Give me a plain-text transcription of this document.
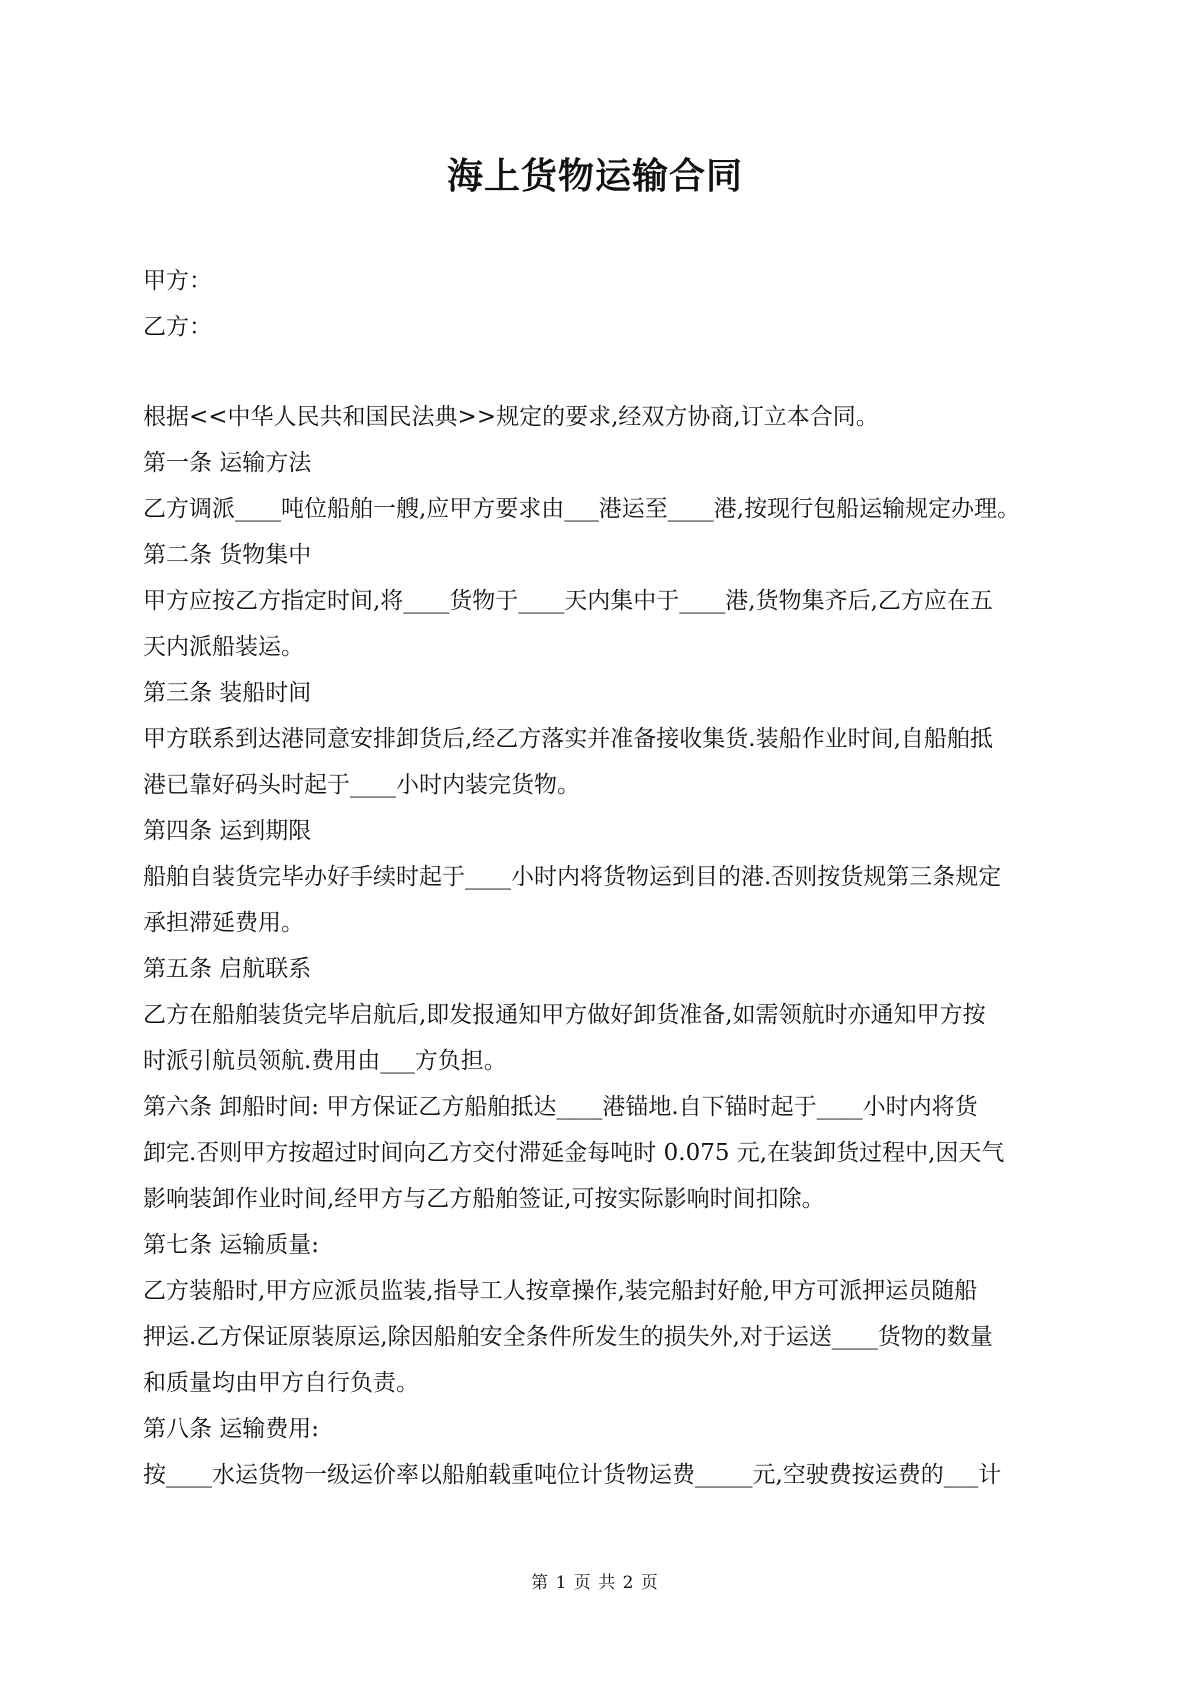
海上货物运输合同
甲方：
乙方：
根据<<中华人民共和国民法典>>规定的要求,经双方协商,订立本合同。
第一条 运输方法
乙方调派____吨位船舶一艘,应甲方要求由___港运至____港,按现行包船运输规定办理。
第二条 货物集中
甲方应按乙方指定时间,将____货物于____天内集中于____港,货物集齐后,乙方应在五
天内派船装运。
第三条 装船时间
甲方联系到达港同意安排卸货后,经乙方落实并准备接收集货.装船作业时间,自船舶抵
港已靠好码头时起于____小时内装完货物。
第四条 运到期限
船舶自装货完毕办好手续时起于____小时内将货物运到目的港.否则按货规第三条规定
承担滞延费用。
第五条 启航联系
乙方在船舶装货完毕启航后,即发报通知甲方做好卸货准备,如需领航时亦通知甲方按
时派引航员领航.费用由___方负担。
第六条 卸船时间: 甲方保证乙方船舶抵达____港锚地.自下锚时起于____小时内将货
卸完.否则甲方按超过时间向乙方交付滞延金每吨时 0.075 元,在装卸货过程中,因天气
影响装卸作业时间,经甲方与乙方船舶签证,可按实际影响时间扣除。
第七条 运输质量:
乙方装船时,甲方应派员监装,指导工人按章操作,装完船封好舱,甲方可派押运员随船
押运.乙方保证原装原运,除因船舶安全条件所发生的损失外,对于运送____货物的数量
和质量均由甲方自行负责。
第八条 运输费用:
按____水运货物一级运价率以船舶载重吨位计货物运费_____元,空驶费按运费的___计
第 1 页 共 2 页
